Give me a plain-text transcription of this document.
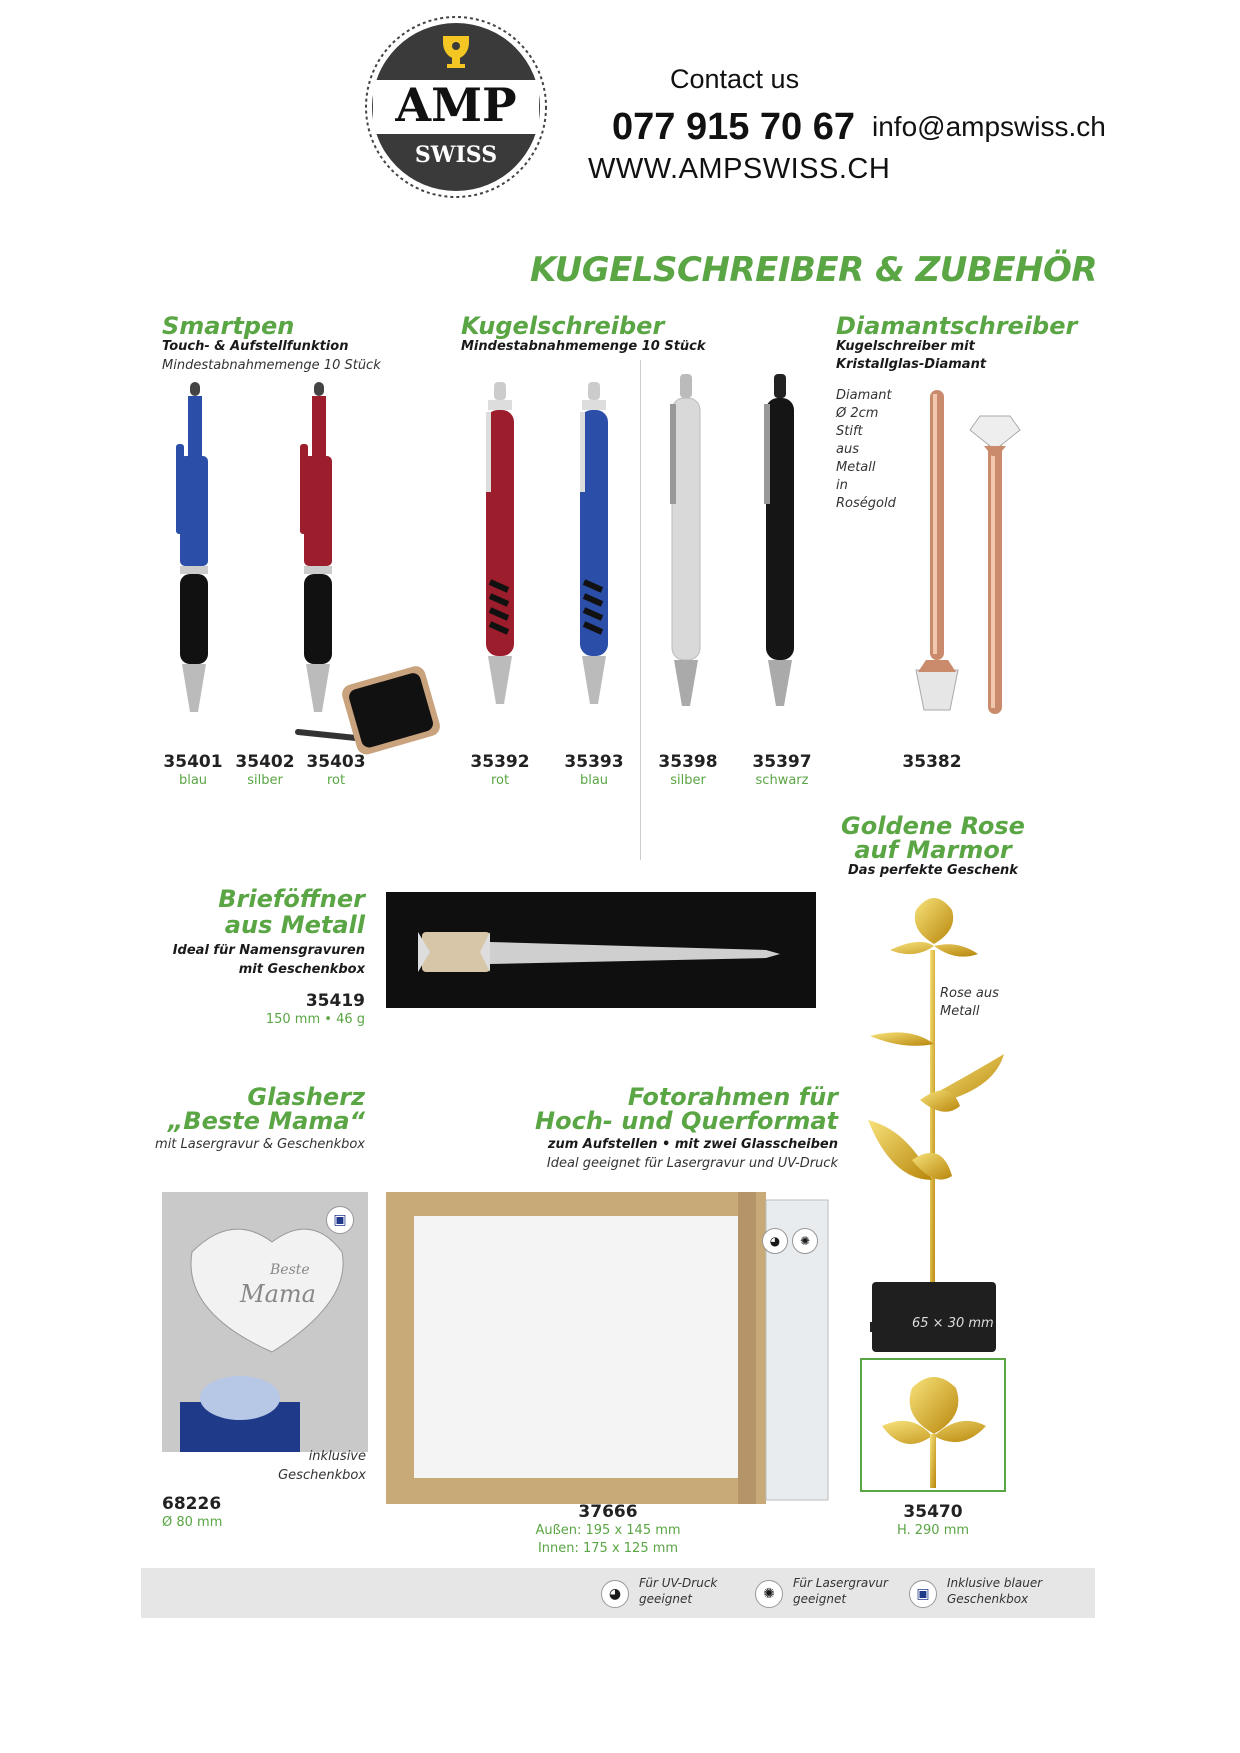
AMP
SWISS
Contact us
077 915 70 67 info@ampswiss.ch
WWW.AMPSWISS.CH
KUGELSCHREIBER & ZUBEHÖR
Smartpen
Touch- & Aufstellfunktion
Mindestabnahmemenge 10 Stück
35401
blau
35402
silber
35403
rot
Kugelschreiber
Mindestabnahmemenge 10 Stück
35392
rot
35393
blau
35398
silber
35397
schwarz
Diamantschreiber
Kugelschreiber mit
Kristallglas-Diamant
Diamant
Ø 2cm
Stift
aus
Metall
in
Roségold
35382
Goldene Rose
auf Marmor
Das perfekte Geschenk
Rose aus
Metall
65 × 30 mm
35470
H. 290 mm
Brieföffner
aus Metall
Ideal für Namensgravuren
mit Geschenkbox
35419
150 mm • 46 g
Glasherz
„Beste Mama“
mit Lasergravur & Geschenkbox
▣
Beste
Mama
inklusive
Geschenkbox
68226
Ø 80 mm
Fotorahmen für
Hoch- und Querformat
zum Aufstellen • mit zwei Glasscheiben
Ideal geeignet für Lasergravur und UV-Druck
◕	✺
37666
Außen: 195 x 145 mm
Innen: 175 x 125 mm
◕
Für UV-Druck
geeignet	✺
Für Lasergravur
geeignet	▣
Inklusive blauer
Geschenkbox
